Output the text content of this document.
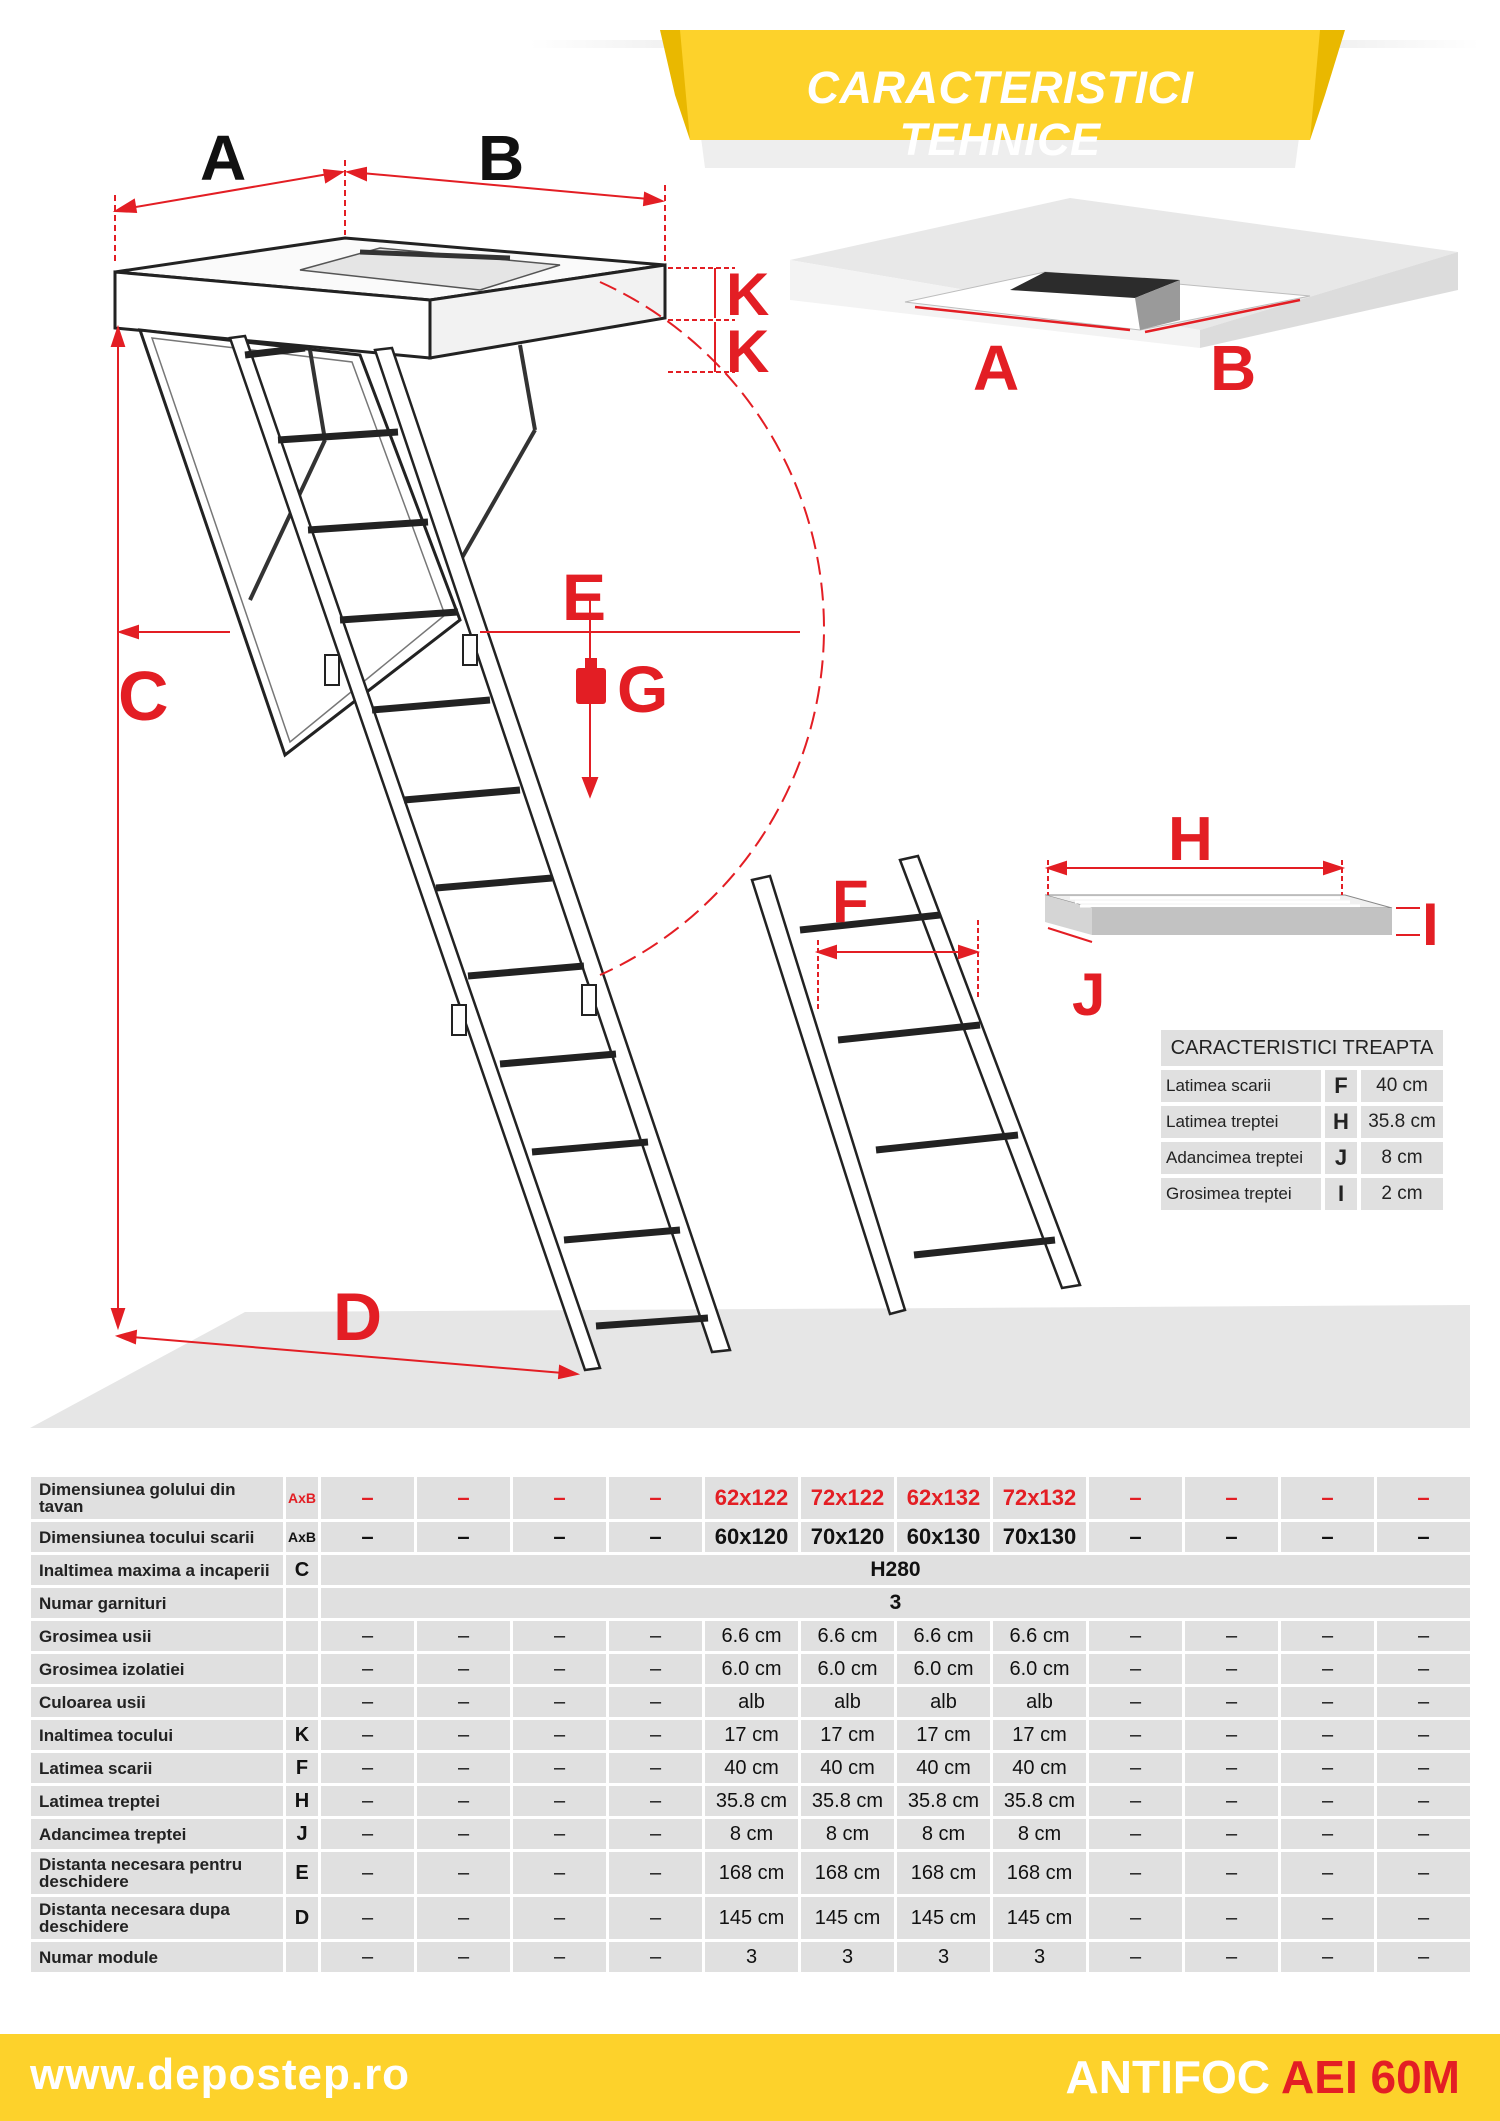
CARACTERISTICI TEHNICE
A	B
C
D
E
G
K
K	A	B
F
H
I
J
CARACTERISTICI TREAPTA		
Latimea scarii	F	40 cm
Latimea treptei	H	35.8 cm
Adancimea treptei	J	8 cm
Grosimea treptei	I	2 cm
Dimensiunea golului din tavan	AxB	–	–	–	–	62x122	72x122	62x132	72x132	–	–	–	–
Dimensiunea tocului scarii	AxB	–	–	–	–	60x120	70x120	60x130	70x130	–	–	–	–
Inaltimea maxima a incaperii	C	H280											
Numar garnituri		3											
Grosimea usii		–	–	–	–	6.6 cm	6.6 cm	6.6 cm	6.6 cm	–	–	–	–
Grosimea izolatiei		–	–	–	–	6.0 cm	6.0 cm	6.0 cm	6.0 cm	–	–	–	–
Culoarea usii		–	–	–	–	alb	alb	alb	alb	–	–	–	–
Inaltimea tocului	K	–	–	–	–	17 cm	17 cm	17 cm	17 cm	–	–	–	–
Latimea scarii	F	–	–	–	–	40 cm	40 cm	40 cm	40 cm	–	–	–	–
Latimea treptei	H	–	–	–	–	35.8 cm	35.8 cm	35.8 cm	35.8 cm	–	–	–	–
Adancimea treptei	J	–	–	–	–	8 cm	8 cm	8 cm	8 cm	–	–	–	–
Distanta necesara pentru deschidere	E	–	–	–	–	168 cm	168 cm	168 cm	168 cm	–	–	–	–
Distanta necesara dupa deschidere	D	–	–	–	–	145 cm	145 cm	145 cm	145 cm	–	–	–	–
Numar module		–	–	–	–	3	3	3	3	–	–	–	–
www.depostep.ro	ANTIFOC AEI 60M
